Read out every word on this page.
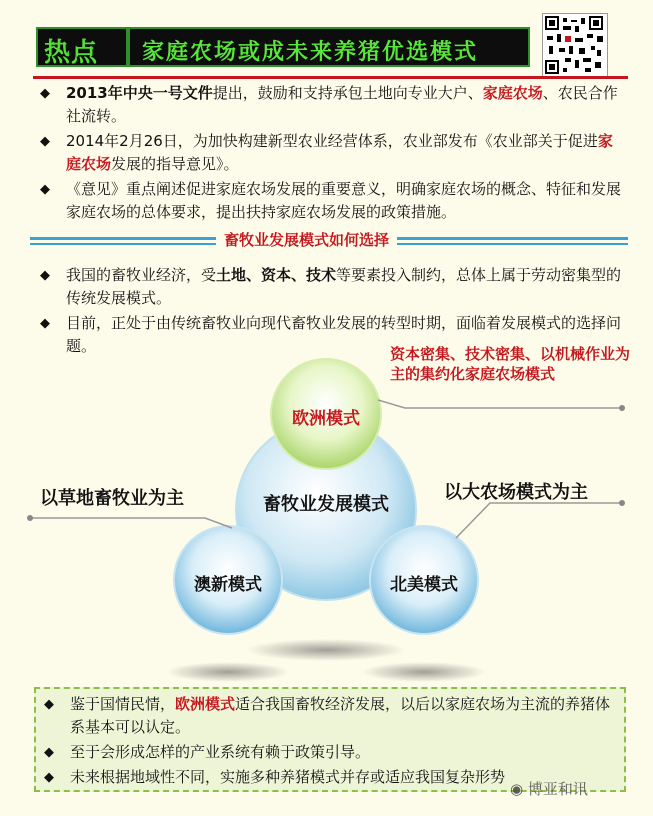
热点 家庭农场或成未来养猪优选模式
◆ 2013年中央一号文件提出，鼓励和支持承包土地向专业大户、家庭农场、农民合作社流转。
◆ 2014年2月26日，为加快构建新型农业经营体系，农业部发布《农业部关于促进家庭农场发展的指导意见》。
◆ 《意见》重点阐述促进家庭农场发展的重要意义，明确家庭农场的概念、特征和发展家庭农场的总体要求，提出扶持家庭农场发展的政策措施。
畜牧业发展模式如何选择
◆ 我国的畜牧业经济，受土地、资本、技术等要素投入制约，总体上属于劳动密集型的传统发展模式。
◆ 目前，正处于由传统畜牧业向现代畜牧业发展的转型时期，面临着发展模式的选择问题。
欧洲模式
畜牧业发展模式
澳新模式	北美模式
资本密集、技术密集、以机械作业为主的集约化家庭农场模式
以草地畜牧业为主	以大农场模式为主
◆ 鉴于国情民情，欧洲模式适合我国畜牧经济发展，以后以家庭农场为主流的养猪体系基本可以认定。
◆ 至于会形成怎样的产业系统有赖于政策引导。
◆ 未来根据地域性不同，实施多种养猪模式并存或适应我国复杂形势
◉ 博亚和讯
